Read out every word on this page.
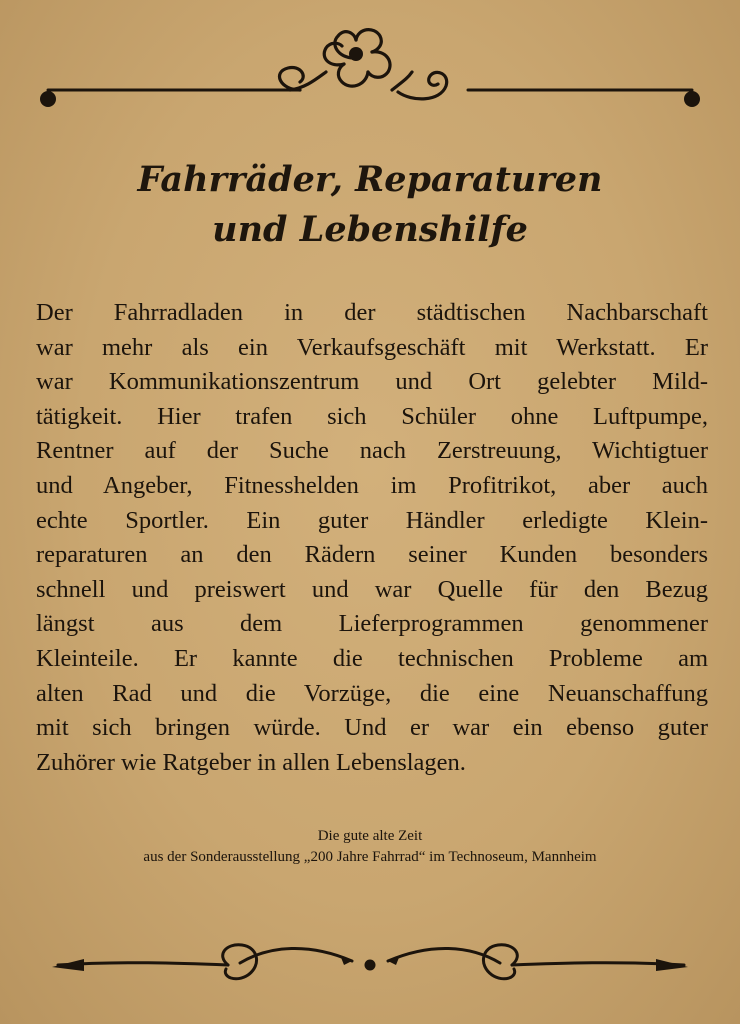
Fahrräder, Reparaturen
und Lebenshilfe
Der Fahrradladen in der städtischen Nachbarschaft
war mehr als ein Verkaufsgeschäft mit Werkstatt. Er
war Kommunikationszentrum und Ort gelebter Mild-
tätigkeit. Hier trafen sich Schüler ohne Luftpumpe,
Rentner auf der Suche nach Zerstreuung, Wichtigtuer
und Angeber, Fitnesshelden im Profitrikot, aber auch
echte Sportler. Ein guter Händler erledigte Klein-
reparaturen an den Rädern seiner Kunden besonders
schnell und preiswert und war Quelle für den Bezug
längst aus dem Lieferprogrammen genommener
Kleinteile. Er kannte die technischen Probleme am
alten Rad und die Vorzüge, die eine Neuanschaffung
mit sich bringen würde. Und er war ein ebenso guter
Zuhörer wie Ratgeber in allen Lebenslagen.
Die gute alte Zeit
aus der Sonderausstellung „200 Jahre Fahrrad“ im Technoseum, Mannheim
